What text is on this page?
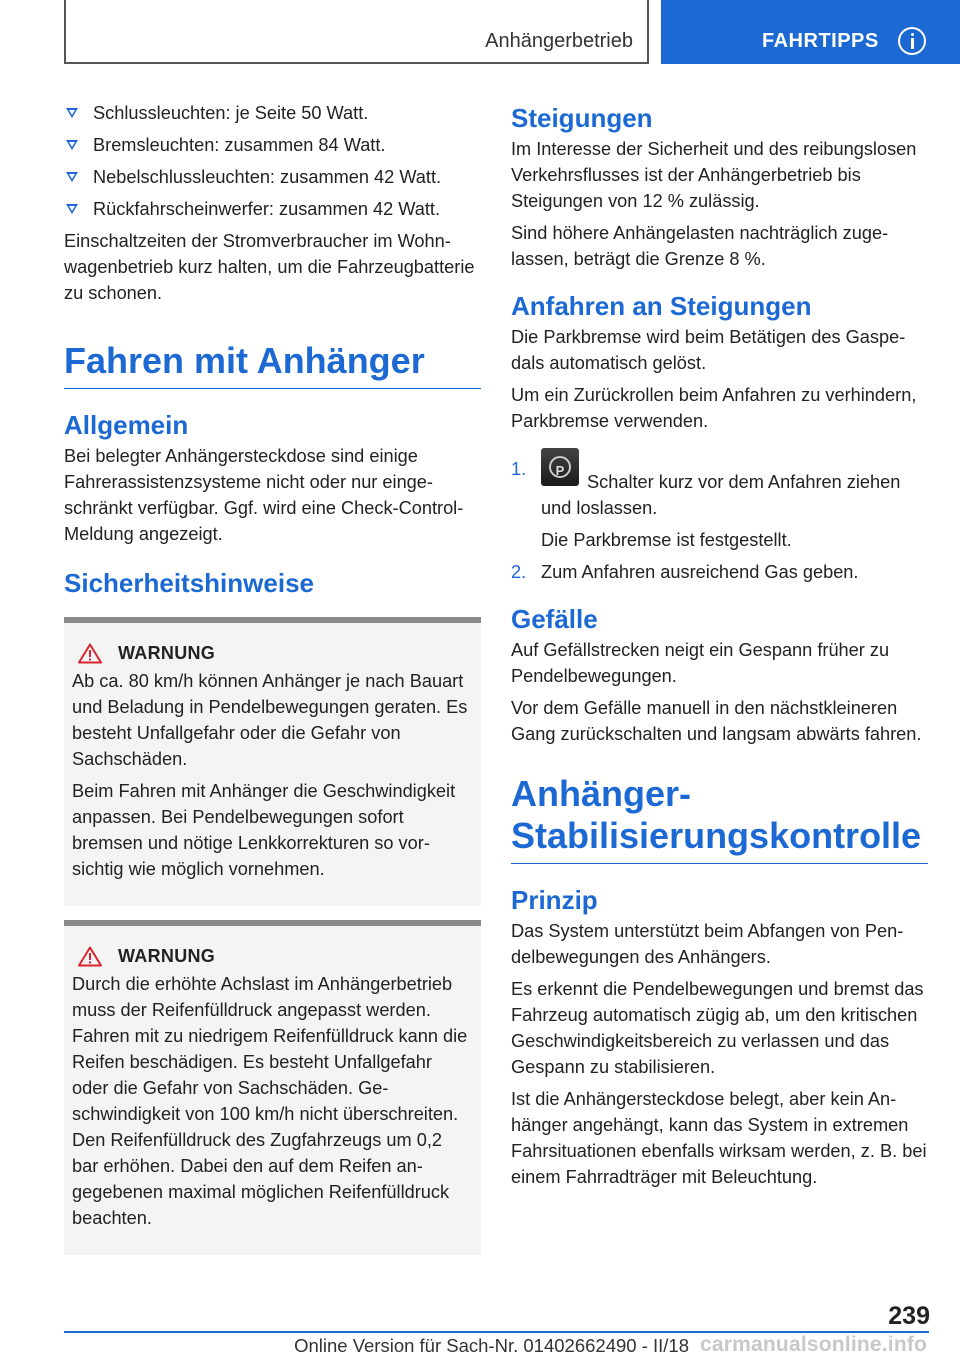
Anhängerbetrieb	FAHRTIPPS
Schlussleuchten: je Seite 50 Watt.
Bremsleuchten: zusammen 84 Watt.
Nebelschlussleuchten: zusammen 42 Watt.
Rückfahrscheinwerfer: zusammen 42 Watt.

Einschaltzeiten der Stromverbraucher im Wohnwagenbetrieb kurz halten, um die Fahrzeugbatterie zu schonen.

Fahren mit Anhänger
Allgemein

Bei belegter Anhängersteckdose sind einige Fahrerassistenzsysteme nicht oder nur eingeschränkt verfügbar. Ggf. wird eine Check-Control-Meldung angezeigt.

Sicherheitshinweise
WARNUNG

Ab ca. 80 km/h können Anhänger je nach Bauart und Beladung in Pendelbewegungen geraten. Es besteht Unfallgefahr oder die Gefahr von Sachschäden.

Beim Fahren mit Anhänger die Geschwindigkeit anpassen. Bei Pendelbewegungen sofort bremsen und nötige Lenkkorrekturen so vorsichtig wie möglich vornehmen.

WARNUNG

Durch die erhöhte Achslast im Anhängerbetrieb muss der Reifenfülldruck angepasst werden. Fahren mit zu niedrigem Reifenfülldruck kann die Reifen beschädigen. Es besteht Unfallgefahr oder die Gefahr von Sachschäden. Geschwindigkeit von 100 km/h nicht überschreiten. Den Reifenfülldruck des Zugfahrzeugs um 0,2 bar erhöhen. Dabei den auf dem Reifen angegebenen maximal möglichen Reifenfülldruck beachten.

Steigungen

Im Interesse der Sicherheit und des reibungslosen Verkehrsflusses ist der Anhängerbetrieb bis Steigungen von 12 % zulässig.

Sind höhere Anhängelasten nachträglich zugelassen, beträgt die Grenze 8 %.

Anfahren an Steigungen

Die Parkbremse wird beim Betätigen des Gaspedals automatisch gelöst.

Um ein Zurückrollen beim Anfahren zu verhindern, Parkbremse verwenden.

1.	P
Schalter kurz vor dem Anfahren ziehen und loslassen.
Die Parkbremse ist festgestellt.
2. Zum Anfahren ausreichend Gas geben.
Gefälle

Auf Gefällstrecken neigt ein Gespann früher zu Pendelbewegungen.

Vor dem Gefälle manuell in den nächstkleineren Gang zurückschalten und langsam abwärts fahren.

Anhänger-
Stabilisierungskontrolle
Prinzip

Das System unterstützt beim Abfangen von Pendelbewegungen des Anhängers.

Es erkennt die Pendelbewegungen und bremst das Fahrzeug automatisch zügig ab, um den kritischen Geschwindigkeitsbereich zu verlassen und das Gespann zu stabilisieren.

Ist die Anhängersteckdose belegt, aber kein Anhänger angehängt, kann das System in extremen Fahrsituationen ebenfalls wirksam werden, z. B. bei einem Fahrradträger mit Beleuchtung.

239
Online Version für Sach-Nr. 01402662490 - II/18 carmanualsonline.info
